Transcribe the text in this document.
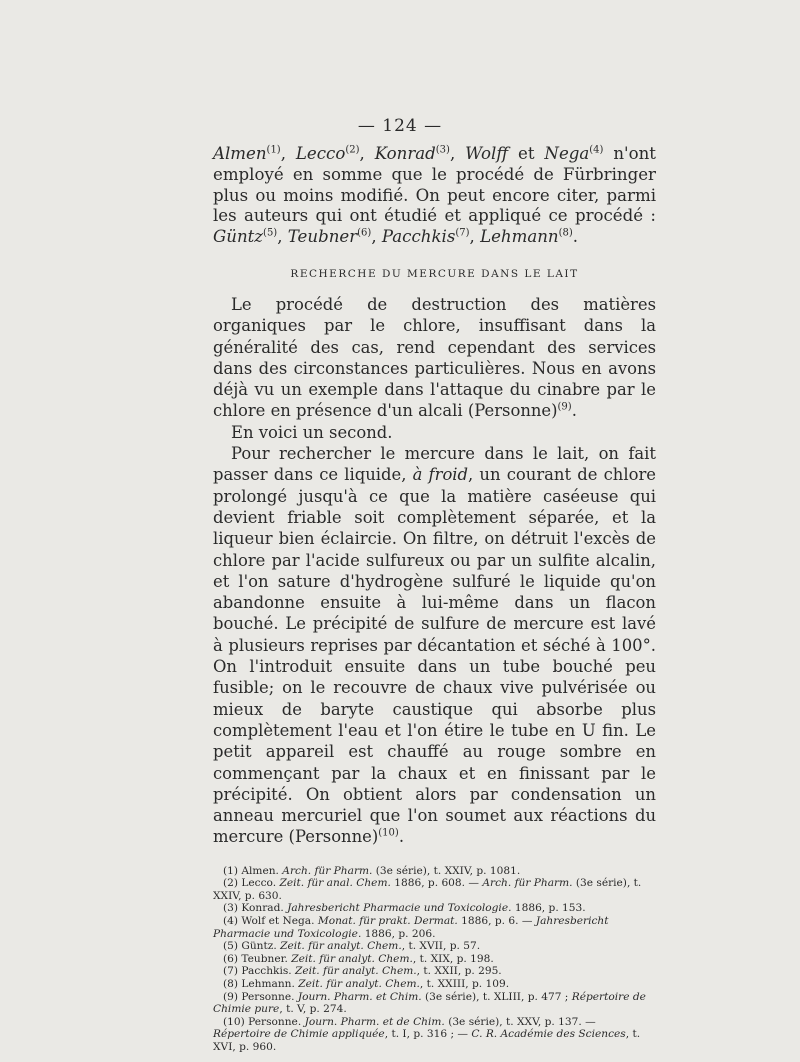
— 124 —

Almen$^{(1)}$, Lecco$^{(2)}$, Konrad$^{(3)}$, Wolff et Nega$^{(4)}$ n'ont employé en somme que le procédé de Fürbringer plus ou moins modifié. On peut encore citer, parmi les auteurs qui ont étudié et appliqué ce procédé : Güntz$^{(5)}$, Teubner$^{(6)}$, Pacchkis$^{(7)}$, Lehmann$^{(8)}$.

RECHERCHE DU MERCURE DANS LE LAIT

Le procédé de destruction des matières organiques par le chlore, insuffisant dans la généralité des cas, rend cependant des services dans des circonstances particulières. Nous en avons déjà vu un exemple dans l'attaque du cinabre par le chlore en présence d'un alcali (Personne)$^{(9)}$.

En voici un second.

Pour rechercher le mercure dans le lait, on fait passer dans ce liquide, à froid, un courant de chlore prolongé jusqu'à ce que la matière caséeuse qui devient friable soit complètement séparée, et la liqueur bien éclaircie. On filtre, on détruit l'excès de chlore par l'acide sulfureux ou par un sulfite alcalin, et l'on sature d'hydrogène sulfuré le liquide qu'on abandonne ensuite à lui-même dans un flacon bouché. Le précipité de sulfure de mercure est lavé à plusieurs reprises par décantation et séché à 100°. On l'introduit ensuite dans un tube bouché peu fusible; on le recouvre de chaux vive pulvérisée ou mieux de baryte caustique qui absorbe plus complètement l'eau et l'on étire le tube en U fin. Le petit appareil est chauffé au rouge sombre en commençant par la chaux et en finissant par le précipité. On obtient alors par condensation un anneau mercuriel que l'on soumet aux réactions du mercure (Personne)$^{(10)}$.

(1) Almen. Arch. für Pharm. (3e série), t. XXIV, p. 1081.

(2) Lecco. Zeit. für anal. Chem. 1886, p. 608. — Arch. für Pharm. (3e série), t. XXIV, p. 630.

(3) Konrad. Jahresbericht Pharmacie und Toxicologie. 1886, p. 153.

(4) Wolf et Nega. Monat. für prakt. Dermat. 1886, p. 6. — Jahresbericht Pharmacie und Toxicologie. 1886, p. 206.

(5) Güntz. Zeit. für analyt. Chem., t. XVII, p. 57.

(6) Teubner. Zeit. für analyt. Chem., t. XIX, p. 198.

(7) Pacchkis. Zeit. für analyt. Chem., t. XXII, p. 295.

(8) Lehmann. Zeit. für analyt. Chem., t. XXIII, p. 109.

(9) Personne. Journ. Pharm. et Chim. (3e série), t. XLIII, p. 477 ; Répertoire de Chimie pure, t. V, p. 274.

(10) Personne. Journ. Pharm. et de Chim. (3e série), t. XXV, p. 137. — Répertoire de Chimie appliquée, t. I, p. 316 ; — C. R. Académie des Sciences, t. XVI, p. 960.
